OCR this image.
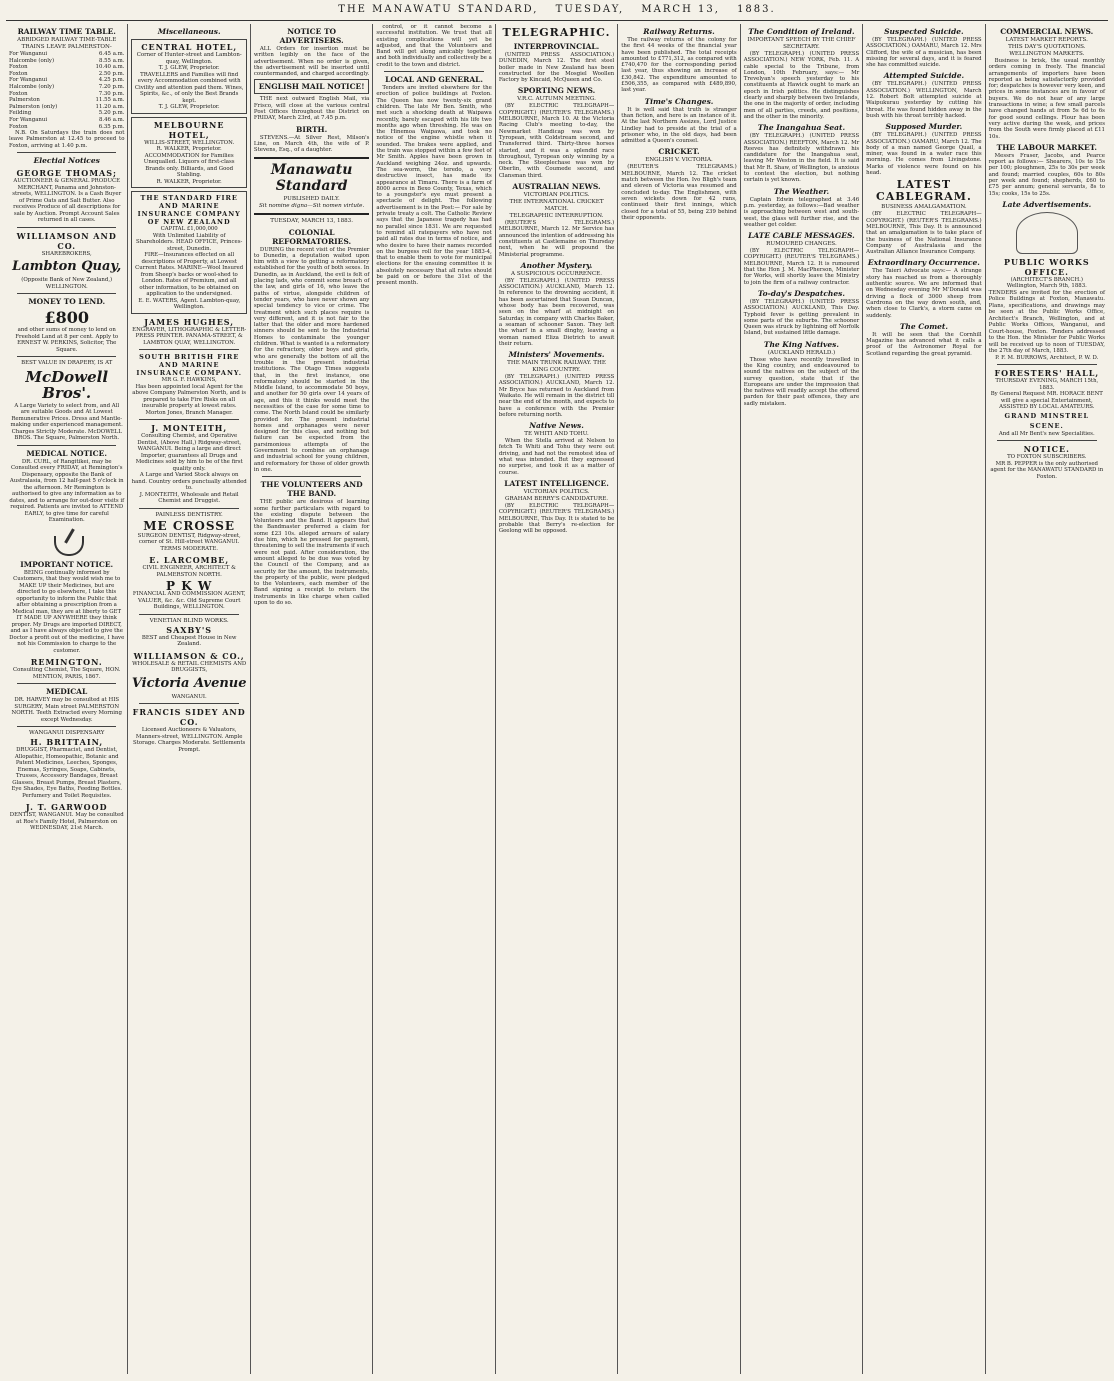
THE MANAWATU STANDARD, TUESDAY, MARCH 13, 1883.
RAILWAY TIME TABLE.
ABRIDGED RAILWAY TIME-TABLE
TRAINS LEAVE PALMERSTON-
For Wanganui	6.45 a.m.
Halcombe (only)	8.55 a.m.
Foxton	10.40 a.m.
Foxton	2.50 p.m.
For Wanganui	4.25 p.m.
Halcombe (only)	7.20 p.m.
Foxton	7.30 p.m.
Palmerston	11.55 a.m.
Palmerston (only)	11.20 a.m.
Feilding	5.20 p.m.
For Wanganui	8.46 a.m.
Foxton	6.35 p.m.

N.B. On Saturdays the train does not leave Palmerston at 12.45 to proceed to Foxton, arriving at 1.40 p.m.

Electial Notices
GEORGE THOMAS;
AUCTIONEER & GENERAL PRODUCE MERCHANT, Panama and Johnston-streets, WELLINGTON. Is a Cash Buyer of Prime Oats and Salt Butter. Also receives Produce of all descriptions for sale by Auction. Prompt Account Sales returned in all cases.
WILLIAMSON AND CO.
SHAREBROKERS,
Lambton Quay,
(Opposite Bank of New Zealand,) WELLINGTON.
MONEY TO LEND.
£800
and other sums of money to lend on Freehold Land at 8 per cent. Apply to ERNEST W. PERKINS, Solicitor, The Square.
BEST VALUE IN DRAPERY, IS AT
McDowell Bros'.
A Large Variety to select from, and All are suitable Goods and At Lowest Remunerative Prices. Dress and Mantle-making under experienced management. Charges Strictly Moderate. McDOWELL BROS. The Square, Palmerston North.
MEDICAL NOTICE.
DR. CURL, of Rangitikei, may be Consulted every FRIDAY, at Remington's Dispensary, opposite the Bank of Australasia, from 12 half-past 5 o'clock in the afternoon. Mr Remington is authorised to give any information as to dates, and to arrange for out-door visits if required. Patients are invited to ATTEND EARLY, to give time for careful Examination.
IMPORTANT NOTICE.
BEING continually informed by Customers, that they would wish me to MAKE UP their Medicines, but are directed to go elsewhere, I take this opportunity to inform the Public that after obtaining a prescription from a Medical man, they are at liberty to GET IT MADE UP ANYWHERE they think proper. My Drugs are imported DIRECT, and as I have always objected to give the Doctor a profit out of the medicine, I have not his Commission to charge to the customer.
REMINGTON.
Consulting Chemist, The Square, HON. MENTION, PARIS, 1867.
MEDICAL
DR. HARVEY may be consulted at HIS SURGERY, Main street PALMERSTON NORTH. Teeth Extracted every Morning except Wednesday.
WANGANUI DISPENSARY
H. BRITTAIN,
DRUGGIST, Pharmacist, and Dentist, Allopathic, Homeopathic, Botanic and Patent Medicines, Leeches, Sponges, Enemas, Syringes, Soaps, Cabinets, Trusses, Accessory Bandages, Breast Glasses, Breast Pumps, Breast Plasters, Eye Shades, Eye Baths, Feeding Bottles. Perfumery and Toilet Requisites.
J. T. GARWOOD
DENTIST, WANGANUI. May be consulted at Roe's Family Hotel, Palmerston on WEDNESDAY, 21st March.
Miscellaneous.
CENTRAL HOTEL,
Corner of Hunter-street and Lambton-quay, Wellington.
T. J. GLEW, Proprietor.
TRAVELLERS and Families will find every Accommodation combined with Civility and attention paid them. Wines, Spirits, &c., of only the Best Brands kept.
T. J. GLEW, Proprietor.
MELBOURNE HOTEL,
WILLIS-STREET, WELLINGTON.
R. WALKER, Proprietor.
ACCOMMODATION for Families Unequalled. Liquors of first-class Brands only. Billiards, and Good Stabling.
R. WALKER, Proprietor.
THE STANDARD FIRE AND MARINE INSURANCE COMPANY OF NEW ZEALAND
CAPITAL £1,000,000
With Unlimited Liability of Shareholders. HEAD OFFICE, Princes-street, Dunedin.
FIRE—Insurances effected on all descriptions of Property, at Lowest Current Rates. MARINE—Wool Insured from Sheep's backs or wool-shed to London. Rates of Premium, and all other information, to be obtained on application to the undersigned.
E. E. WATERS, Agent. Lambton-quay, Wellington.
JAMES HUGHES,
ENGRAVER, LITHOGRAPHIC & LETTER-PRESS PRINTER. PANAMA-STREET, & LAMBTON QUAY, WELLINGTON.
SOUTH BRITISH FIRE AND MARINE INSURANCE COMPANY.
MR G. F. HAWKINS,
Has been appointed local Agent for the above Company Palmerston North, and is prepared to take Fire Risks on all insurable property at lowest rates. Morton Jones, Branch Manager.
J. MONTEITH,
Consulting Chemist, and Operative Dentist, (Above Hall,) Ridgway-street, WANGANUI. Being a large and direct Importer, guarantees all Drugs and Medicines sold by him to be of the first quality only.
A Large and Varied Stock always on hand. Country orders punctually attended to.
J. MONTEITH, Wholesale and Retail Chemist and Druggist.
PAINLESS DENTISTRY.
ME CROSSE
SURGEON DENTIST, Ridgway-street, corner of St. Hill-street WANGANUI. TERMS MODERATE.
E. LARCOMBE,
CIVIL ENGINEER, ARCHITECT & PALMERSTON NORTH.
P K W
FINANCIAL AND COMMISSION AGENT, VALUER, &c. &c. Old Supreme Court Buildings, WELLINGTON.
VENETIAN BLIND WORKS.
SAXBY'S
BEST and Cheapest House in New Zealand.
WILLIAMSON & CO.,
WHOLESALE & RETAIL CHEMISTS AND DRUGGISTS,
Victoria Avenue
WANGANUI.
FRANCIS SIDEY AND CO.
Licensed Auctioneers & Valuators, Manners-street, WELLINGTON. Ample Storage. Charges Moderate. Settlements Prompt.
NOTICE TO ADVERTISERS.

ALL Orders for insertion must be written legibly on the face of the advertisement. When no order is given, the advertisement will be inserted until countermanded, and charged accordingly.

ENGLISH MAIL NOTICE!

THE next outward English Mail, via Frisco, will close at the various central Post Offices throughout the District on FRIDAY, March 23rd, at 7.45 p.m.

BIRTH.

STEVENS.—At Silver Rest, Milson's Line, on March 4th, the wife of P. Stevens, Esq., of a daughter.

Manawatu Standard
PUBLISHED DAILY.
Sit nomine digna—Sit nomen virtute.
TUESDAY, MARCH 13, 1883.
COLONIAL REFORMATORIES.

DURING the recent visit of the Premier to Dunedin, a deputation waited upon him with a view to getting a reformatory established for the youth of both sexes. In Dunedin, as in Auckland, the evil is felt of placing lads, who commit some breach of the law, and girls of 16, who leave the paths of virtue, alongside children of tender years, who have never shown any special tendency to vice or crime. The treatment which such places require is very different, and it is not fair to the latter that the older and more hardened sinners should be sent to the Industrial Homes to contaminate the younger children. What is wanted is a reformatory for the refractory, older boys and girls, who are generally the bottom of all the trouble in the present industrial institutions. The Otago Times suggests that, in the first instance, one reformatory should be started in the Middle Island, to accommodate 50 boys, and another for 50 girls over 14 years of age, and this it thinks would meet the necessities of the case for some time to come. The North Island could be similarly provided for. The present industrial homes and orphanages were never designed for this class, and nothing but failure can be expected from the parsimonious attempts of the Government to combine an orphanage and industrial school for young children, and reformatory for those of older growth in one.

THE VOLUNTEERS AND THE BAND.

THE public are desirous of learning some further particulars with regard to the existing dispute between the Volunteers and the Band. It appears that the Bandmaster preferred a claim for some £23 10s. alleged arrears of salary due him, which he pressed for payment, threatening to sell the instruments if such were not paid. After consideration, the amount alleged to be due was voted by the Council of the Company, and as security for the amount, the instruments, the property of the public, were pledged to the Volunteers, each member of the Band signing a receipt to return the instruments in like charge when called upon to do so.

control, or it cannot become a successful institution. We trust that all existing complications will yet be adjusted, and that the Volunteers and Band will get along amicably together, and both individually and collectively be a credit to the town and district.

LOCAL AND GENERAL.

Tenders are invited elsewhere for the erection of police buildings at Foxton. The Queen has now twenty-six grand children. The late Mr Ben. Smith, who met such a shocking death at Waipawa recently, barely escaped with his life two months ago when threshing. He was on the Hinemoa Waipawa, and took no notice of the engine whistle when it sounded. The brakes were applied, and the train was stopped within a few feet of Mr Smith. Apples have been grown in Auckland weighing 24oz. and upwards. The sea-worm, the teredo, a very destructive insect, has made its appearance at Timaru. There is a farm of 8000 acres in Bexo County, Texas, which to a youngster's eye must present a spectacle of delight. The following advertisement is in the Post:— For sale by private treaty a colt. The Catholic Review says that the Japanese tragedy has had no parallel since 1831. We are requested to remind all ratepayers who have not paid all rates due in terms of notice, and who desire to have their names recorded on the burgess roll for the year 1883-4, that to enable them to vote for municipal elections for the ensuing committee it is absolutely necessary that all rates should be paid on or before the 31st of the present month.

TELEGRAPHIC.
INTERPROVINCIAL.

(UNITED PRESS ASSOCIATION.) DUNEDIN, March 12. The first steel boiler made in New Zealand has been constructed for the Mosgiel Woollen Factory by Kincaid, McQueen and Co.

SPORTING NEWS.
V.R.C. AUTUMN MEETING.

(BY ELECTRIC TELEGRAPH—COPYRIGHT.) (REUTER'S TELEGRAMS.) MELBOURNE, March 10. At the Victoria Racing Club's meeting to-day, the Newmarket Handicap was won by Tyropean, with Coldstream second, and Transferred third. Thirty-three horses started, and it was a splendid race throughout, Tyropean only winning by a neck. The Steeplechase was won by Oberlin, with Coumede second, and Clansman third.

AUSTRALIAN NEWS.
VICTORIAN POLITICS.
THE INTERNATIONAL CRICKET MATCH.
TELEGRAPHIC INTERRUPTION.

(REUTER'S TELEGRAMS.) MELBOURNE, March 12. Mr Service has announced the intention of addressing his constituents at Castlemaine on Thursday next, when he will propound the Ministerial programme.

Another Mystery.
A SUSPICIOUS OCCURRENCE.

(BY TELEGRAPH.) (UNITED PRESS ASSOCIATION.) AUCKLAND, March 12. In reference to the drowning accident, it has been ascertained that Susan Duncan, whose body has been recovered, was seen on the wharf at midnight on Saturday, in company with Charles Baker, a seaman of schooner Saxon. They left the wharf in a small dinghy, leaving a woman named Eliza Dietrich to await their return.

Ministers' Movements.
THE MAIN TRUNK RAILWAY. THE KING COUNTRY.

(BY TELEGRAPH.) (UNITED PRESS ASSOCIATION.) AUCKLAND, March 12. Mr Bryce has returned to Auckland from Waikato. He will remain in the district till near the end of the month, and expects to have a conference with the Premier before returning north.

Native News.
TE WHITI AND TOHU.

When the Stella arrived at Nelson to fetch Te Whiti and Tohu they were out driving, and had not the remotest idea of what was intended. But they expressed no surprise, and took it as a matter of course.

LATEST INTELLIGENCE.
VICTORIAN POLITICS.
GRAHAM BERRY'S CANDIDATURE.

(BY ELECTRIC TELEGRAPH—COPYRIGHT.) (REUTER'S TELEGRAMS.) MELBOURNE, This Day. It is stated to be probable that Berry's re-election for Geelong will be opposed.

Railway Returns.

The railway returns of the colony for the first 44 weeks of the financial year have been published. The total receipts amounted to £771,312, as compared with £740,470 for the corresponding period last year, thus showing an increase of £30,842. The expenditure amounted to £506,355, as compared with £489,890, last year.

Time's Changes.

It is well said that truth is stranger than fiction, and here is an instance of it. At the last Northern Assizes, Lord Justice Lindley had to preside at the trial of a prisoner who, in the old days, had been admitted a Queen's counsel.

CRICKET.
ENGLISH V. VICTORIA.

(REUTER'S TELEGRAMS.) MELBOURNE, March 12. The cricket match between the Hon. Ivo Bligh's team and eleven of Victoria was resumed and concluded to-day. The Englishmen, with seven wickets down for 42 runs, continued their first innings, which closed for a total of 55, being 239 behind their opponents.

The Condition of Ireland.
IMPORTANT SPEECH BY THE CHIEF SECRETARY.

(BY TELEGRAPH.) (UNITED PRESS ASSOCIATION.) NEW YORK, Feb. 11. A cable special to the Tribune, from London, 10th February, says:— Mr Trevelyan's speech yesterday to his constituents at Hawick ought to mark an epoch in Irish politics. He distinguishes clearly and sharply between two Irelands, the one in the majority of order, including men of all parties, creeds, and positions, and the other in the minority.

The Inangahua Seat.

(BY TELEGRAPH.) (UNITED PRESS ASSOCIATION.) REEFTON, March 12. Mr Reeves has definitely withdrawn his candidature for the Inangahua seat, leaving Mr Weston in the field. It is said that Mr R. Shaw, of Wellington, is anxious to contest the election, but nothing certain is yet known.

The Weather.

Captain Edwin telegraphed at 3.46 p.m. yesterday, as follows:—Bad weather is approaching between west and south-west, the glass will further rise, and the weather get colder.

LATE CABLE MESSAGES.
RUMOURED CHANGES.

(BY ELECTRIC TELEGRAPH—COPYRIGHT.) (REUTER'S TELEGRAMS.) MELBOURNE, March 12. It is rumoured that the Hon J. M. MacPherson, Minister for Works, will shortly leave the Ministry to join the firm of a railway contractor.

To-day's Despatches.

(BY TELEGRAPH.) (UNITED PRESS ASSOCIATION.) AUCKLAND, This Day. Typhoid fever is getting prevalent in some parts of the suburbs. The schooner Queen was struck by lightning off Norfolk Island, but sustained little damage.

The King Natives.
(AUCKLAND HERALD.)

Those who have recently travelled in the King country, and endeavoured to sound the natives on the subject of the survey question, state that if the Europeans are under the impression that the natives will readily accept the offered parden for their past offences, they are sadly mistaken.

Suspected Suicide.

(BY TELEGRAPH.) (UNITED PRESS ASSOCIATION.) OAMARU, March 12. Mrs Clifford, the wife of a musician, has been missing for several days, and it is feared she has committed suicide.

Attempted Suicide.

(BY TELEGRAPH.) (UNITED PRESS ASSOCIATION.) WELLINGTON, March 12. Robert Bolt attempted suicide at Waipukurau yesterday by cutting his throat. He was found hidden away in the bush with his throat terribly hacked.

Supposed Murder.

(BY TELEGRAPH.) (UNITED PRESS ASSOCIATION.) OAMARU, March 12. The body of a man named George Quail, a miner, was found in a water race this morning. He comes from Livingstone. Marks of violence were found on his head.

LATEST CABLEGRAM.
BUSINESS AMALGAMATION.

(BY ELECTRIC TELEGRAPH—COPYRIGHT.) (REUTER'S TELEGRAMS.) MELBOURNE, This Day. It is announced that an amalgamation is to take place of the business of the National Insurance Company of Australasia and the Australian Alliance Insurance Company.

Extraordinary Occurrence.

The Taieri Advocate says:— A strange story has reached us from a thoroughly authentic source. We are informed that on Wednesday evening Mr M'Donald was driving a flock of 3000 sheep from Cardrona on the way down south, and, when close to Clark's, a storm came on suddenly.

The Comet.

It will be seen that the Cornhill Magazine has advanced what it calls a proof of the Astronomer Royal for Scotland regarding the great pyramid.

COMMERCIAL NEWS.
LATEST MARKET REPORTS.
THIS DAY'S QUOTATIONS.
WELLINGTON MARKETS.

Business is brisk, the usual monthly orders coming in freely. The financial arrangements of importers have been reported as being satisfactorily provided for; despatches is however very keen, and prices in some instances are in favour of buyers. We do not hear of any large transactions in wine; a few small parcels have changed hands at from 5s 6d to 6s for good sound cellings. Flour has been very active during the week, and prices from the South were firmly placed at £11 10s.

THE LABOUR MARKET.

Messrs Fraser, Jacobs, and Pearce report as follows:— Shearers, 10s to 15s per 100; ploughmen, 25s to 30s per week and found; married couples, 60s to 80s per week and found; shepherds, £60 to £75 per annum; general servants, 8s to 15s; cooks, 15s to 25s.

Late Advertisements.
PUBLIC WORKS OFFICE.
(ARCHITECT'S BRANCH.)
Wellington, March 9th, 1883.
TENDERS are invited for the erection of Police Buildings at Foxton, Manawatu. Plans, specifications, and drawings may be seen at the Public Works Office, Architect's Branch, Wellington, and at Public Works Offices, Wanganui, and Court-house, Foxton. Tenders addressed to the Hon. the Minister for Public Works will be received up to noon of TUESDAY, the 27th day of March, 1883.
P. F. M. BURROWS, Architect, P. W. D.
FORESTERS' HALL,
THURSDAY EVENING, MARCH 15th, 1883.
By General Request MR. HORACE BENT will give a special Entertainment, ASSISTED BY LOCAL AMATEURS.
GRAND MINSTREL SCENE.
And all Mr Bent's new Specialities.
NOTICE.
TO FOXTON SUBSCRIBERS.
MR B. PEPPER is the only authorised agent for the MANAWATU STANDARD in Foxton.
